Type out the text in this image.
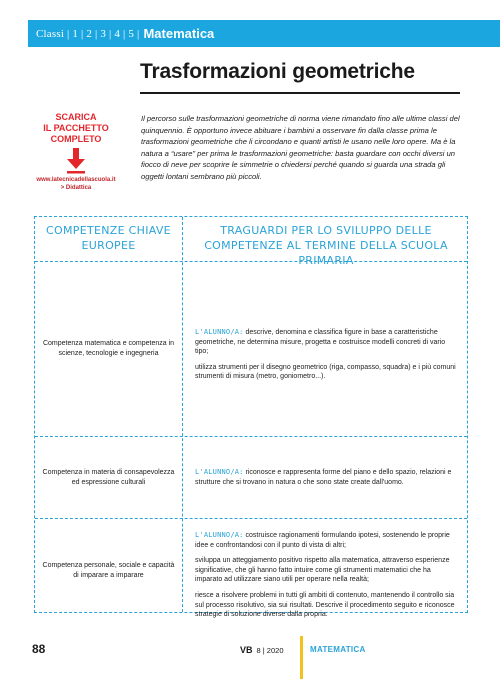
Classi | 1 | 2 | 3 | 4 | 5 | Matematica
Trasformazioni geometriche
SCARICA
IL PACCHETTO
COMPLETO
www.latecnicadellascuola.it > Didattica
Il percorso sulle trasformazioni geometriche di norma viene rimandato fino alle ultime classi del quinquennio. È opportuno invece abituare i bambini a osservare fin dalla classe prima le trasformazioni geometriche che li circondano e quanti artisti le usano nelle loro opere. Ma è la natura a “usare” per prima le trasformazioni geometriche: basta guardare con occhi diversi un fiocco di neve per scoprire le simmetrie o chiedersi perché quando si guarda una strada gli oggetti lontani sembrano più piccoli.
COMPETENZE CHIAVE EUROPEE
TRAGUARDI PER LO SVILUPPO DELLE COMPETENZE AL TERMINE DELLA SCUOLA PRIMARIA
Competenza matematica e competenza in scienze, tecnologie e ingegneria

L'ALUNNO/A: descrive, denomina e classifica figure in base a caratteristiche geometriche, ne determina misure, progetta e costruisce modelli concreti di vario tipo;

utilizza strumenti per il disegno geometrico (riga, compasso, squadra) e i più comuni strumenti di misura (metro, goniometro...).

Competenza in materia di consapevolezza ed espressione culturali

L'ALUNNO/A: riconosce e rappresenta forme del piano e dello spazio, relazioni e strutture che si trovano in natura o che sono state create dall'uomo.

Competenza personale, sociale e capacità di imparare a imparare

L'ALUNNO/A: costruisce ragionamenti formulando ipotesi, sostenendo le proprie idee e confrontandosi con il punto di vista di altri;

sviluppa un atteggiamento positivo rispetto alla matematica, attraverso esperienze significative, che gli hanno fatto intuire come gli strumenti matematici che ha imparato ad utilizzare siano utili per operare nella realtà;

riesce a risolvere problemi in tutti gli ambiti di contenuto, mantenendo il controllo sia sul processo risolutivo, sia sui risultati. Descrive il procedimento seguito e riconosce strategie di soluzione diverse dalla propria.

88	VB 8 | 2020	MATEMATICA
